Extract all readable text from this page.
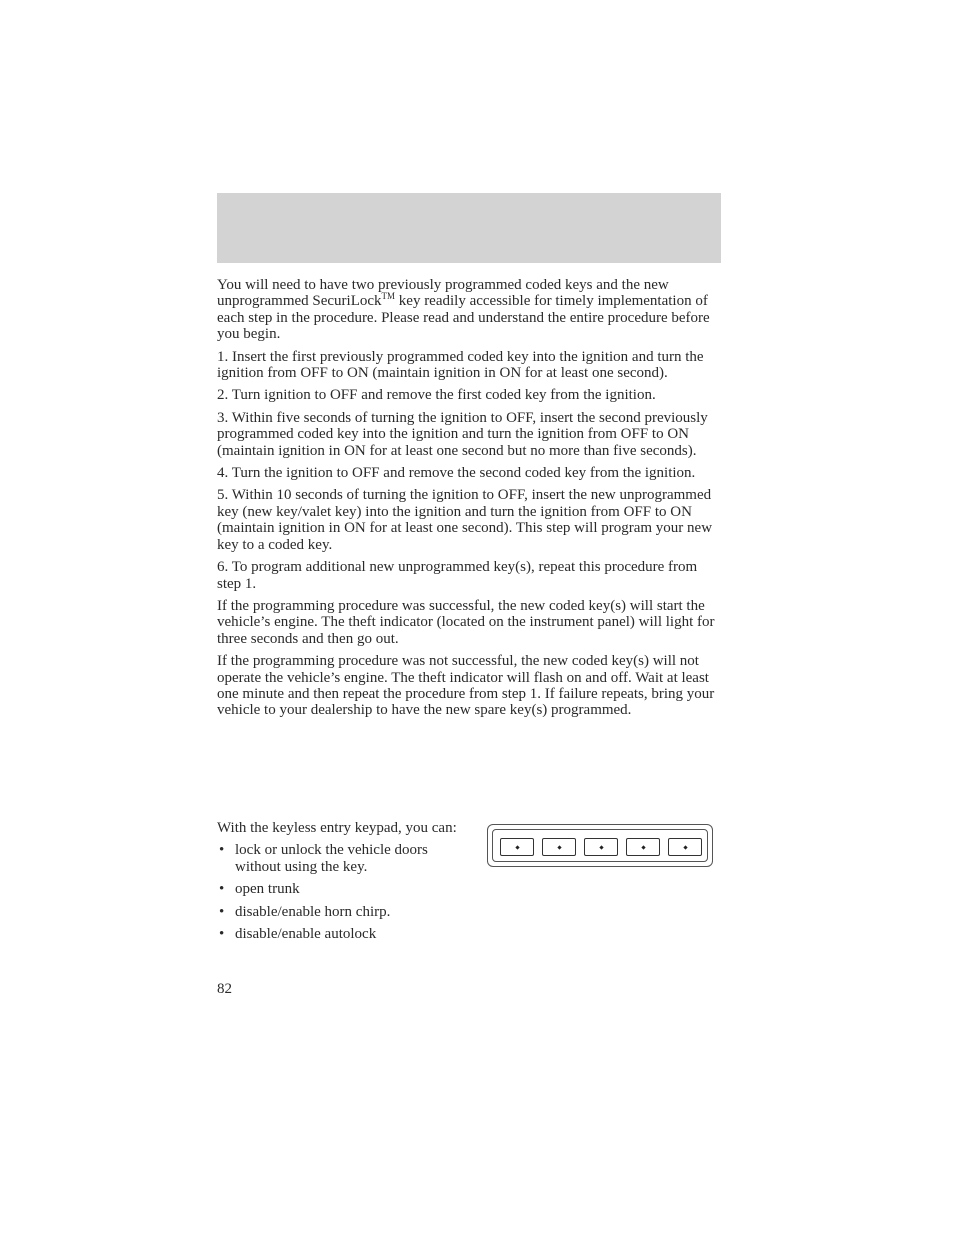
You will need to have two previously programmed coded keys and the new unprogrammed SecuriLock™ key readily accessible for timely implementation of each step in the procedure. Please read and understand the entire procedure before you begin.

1. Insert the first previously programmed coded key into the ignition and turn the ignition from OFF to ON (maintain ignition in ON for at least one second).

2. Turn ignition to OFF and remove the first coded key from the ignition.

3. Within five seconds of turning the ignition to OFF, insert the second previously programmed coded key into the ignition and turn the ignition from OFF to ON (maintain ignition in ON for at least one second but no more than five seconds).

4. Turn the ignition to OFF and remove the second coded key from the ignition.

5. Within 10 seconds of turning the ignition to OFF, insert the new unprogrammed key (new key/valet key) into the ignition and turn the ignition from OFF to ON (maintain ignition in ON for at least one second). This step will program your new key to a coded key.

6. To program additional new unprogrammed key(s), repeat this procedure from step 1.

If the programming procedure was successful, the new coded key(s) will start the vehicle’s engine. The theft indicator (located on the instrument panel) will light for three seconds and then go out.

If the programming procedure was not successful, the new coded key(s) will not operate the vehicle’s engine. The theft indicator will flash on and off. Wait at least one minute and then repeat the procedure from step 1. If failure repeats, bring your vehicle to your dealership to have the new spare key(s) programmed.

With the keyless entry keypad, you can:

• lock or unlock the vehicle doors without using the key.
• open trunk
• disable/enable horn chirp.
• disable/enable autolock
82
